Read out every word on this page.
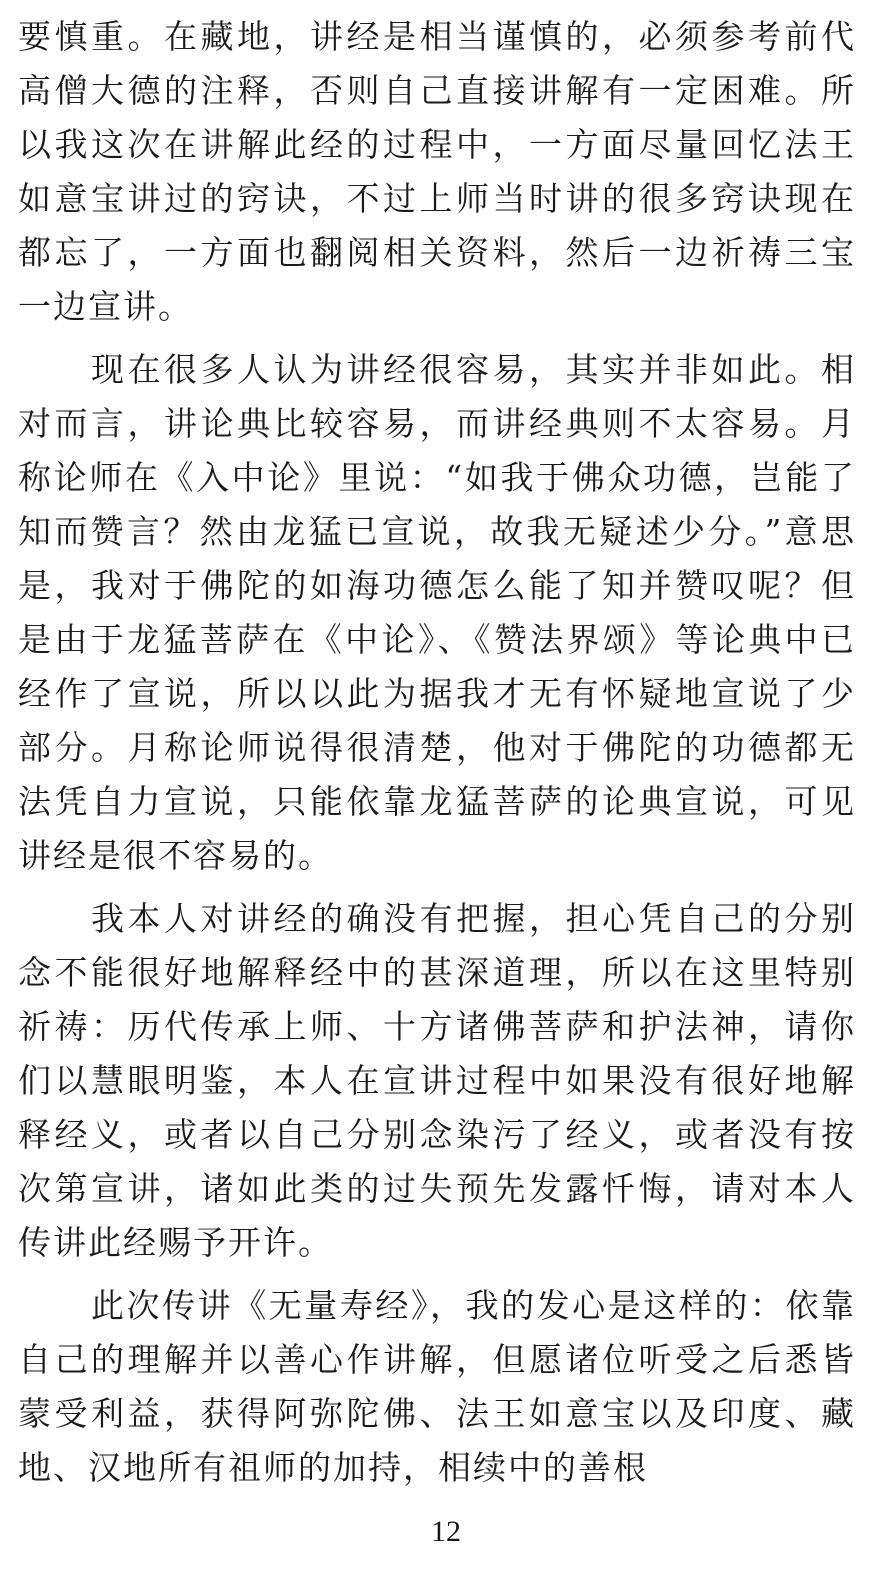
要慎重。在藏地，讲经是相当谨慎的，必须参考前代高僧大德的注释，否则自己直接讲解有一定困难。所以我这次在讲解此经的过程中，一方面尽量回忆法王如意宝讲过的窍诀，不过上师当时讲的很多窍诀现在都忘了，一方面也翻阅相关资料，然后一边祈祷三宝一边宣讲。

现在很多人认为讲经很容易，其实并非如此。相对而言，讲论典比较容易，而讲经典则不太容易。月称论师在《入中论》里说：“如我于佛众功德，岂能了知而赞言？然由龙猛已宣说，故我无疑述少分。”意思是，我对于佛陀的如海功德怎么能了知并赞叹呢？但是由于龙猛菩萨在《中论》、《赞法界颂》等论典中已经作了宣说，所以以此为据我才无有怀疑地宣说了少部分。月称论师说得很清楚，他对于佛陀的功德都无法凭自力宣说，只能依靠龙猛菩萨的论典宣说，可见讲经是很不容易的。

我本人对讲经的确没有把握，担心凭自己的分别念不能很好地解释经中的甚深道理，所以在这里特别祈祷：历代传承上师、十方诸佛菩萨和护法神，请你们以慧眼明鉴，本人在宣讲过程中如果没有很好地解释经义，或者以自己分别念染污了经义，或者没有按次第宣讲，诸如此类的过失预先发露忏悔，请对本人传讲此经赐予开许。

此次传讲《无量寿经》，我的发心是这样的：依靠自己的理解并以善心作讲解，但愿诸位听受之后悉皆蒙受利益，获得阿弥陀佛、法王如意宝以及印度、藏地、汉地所有祖师的加持，相续中的善根

12
